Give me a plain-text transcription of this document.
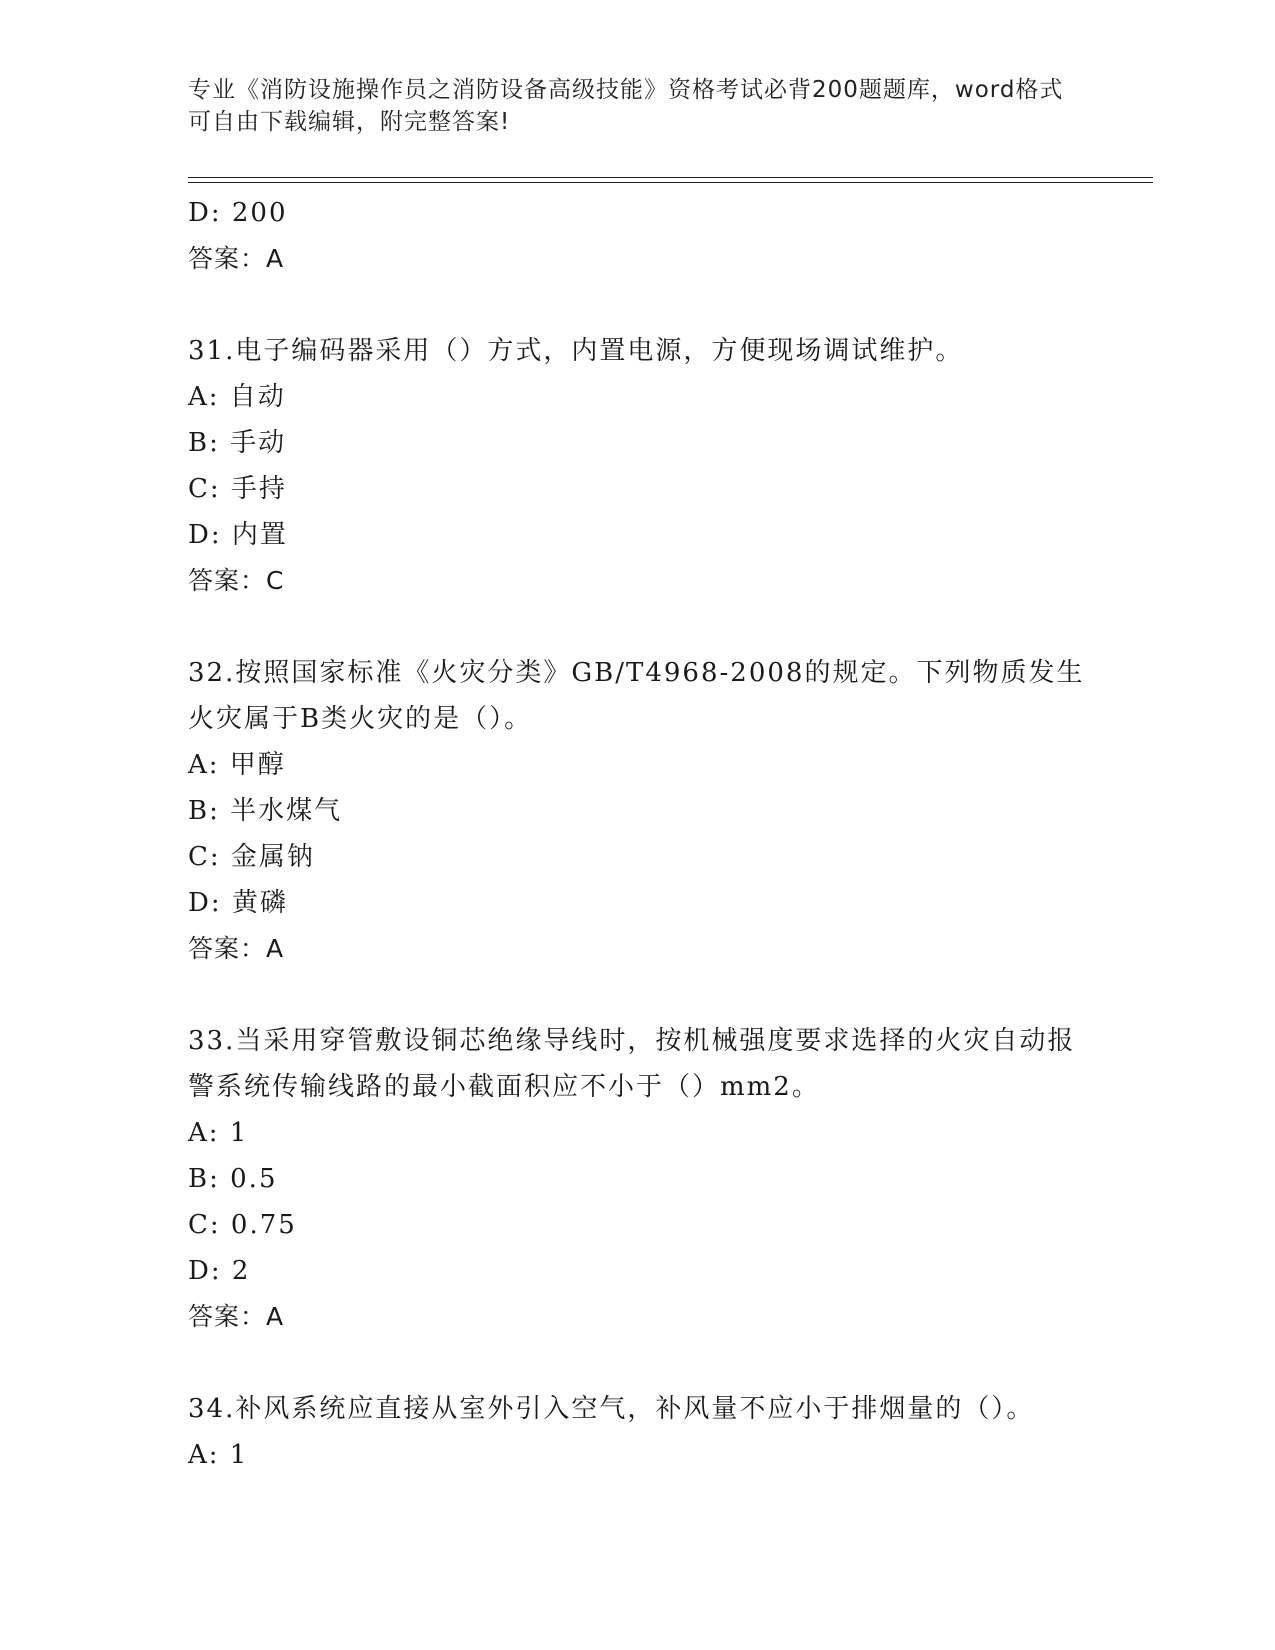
专业《消防设施操作员之消防设备高级技能》资格考试必背200题题库，word格式可自由下载编辑，附完整答案!
D: 200
答案：A
31.电子编码器采用（）方式，内置电源，方便现场调试维护。
A: 自动
B: 手动
C: 手持
D: 内置
答案：C
32.按照国家标准《火灾分类》GB/T4968-2008的规定。下列物质发生火灾属于B类火灾的是（）。
A: 甲醇
B: 半水煤气
C: 金属钠
D: 黄磷
答案：A
33.当采用穿管敷设铜芯绝缘导线时，按机械强度要求选择的火灾自动报警系统传输线路的最小截面积应不小于（）mm2。
A: 1
B: 0.5
C: 0.75
D: 2
答案：A
34.补风系统应直接从室外引入空气，补风量不应小于排烟量的（）。
A: 1
